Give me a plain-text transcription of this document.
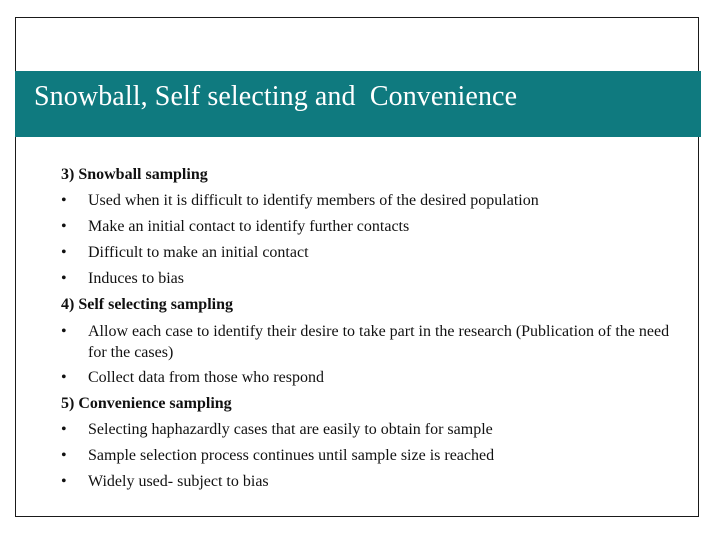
Snowball, Self selecting and  Convenience
3) Snowball sampling
• Used when it is difficult to identify members of the desired population
• Make an initial contact to identify further contacts
• Difficult to make an initial contact
• Induces to bias
4) Self selecting sampling
• Allow each case to identify their desire to take part in the research (Publication of the need for the cases)
• Collect data from those who respond
5) Convenience sampling
• Selecting haphazardly cases that are easily to obtain for sample
• Sample selection process continues until sample size is reached
• Widely used- subject to bias
